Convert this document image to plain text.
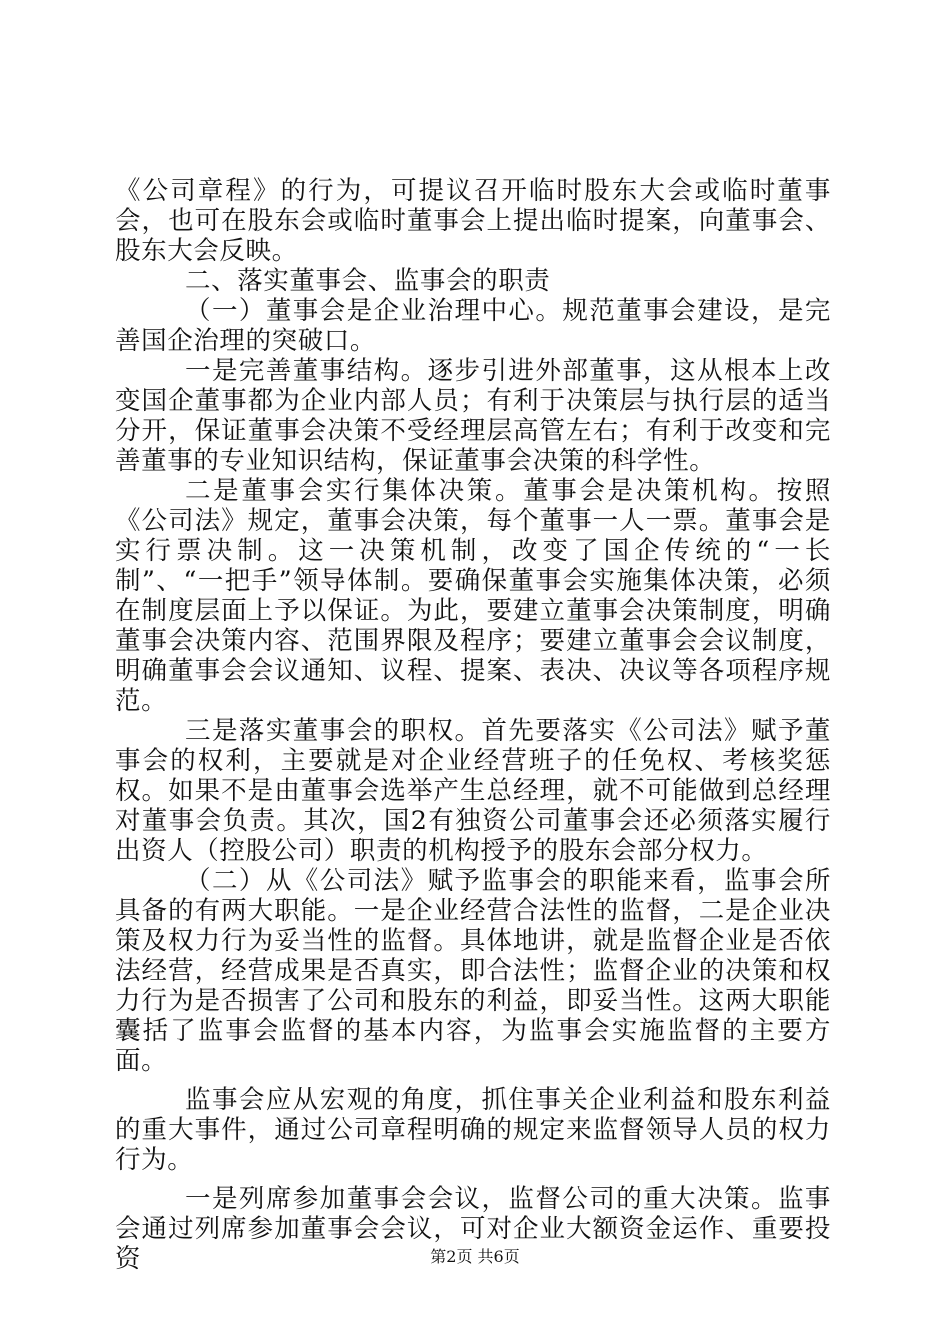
《公司章程》的行为，可提议召开临时股东大会或临时董事会，也可在股东会或临时董事会上提出临时提案，向董事会、股东大会反映。

二、落实董事会、监事会的职责

（一）董事会是企业治理中心。规范董事会建设，是完善国企治理的突破口。

一是完善董事结构。逐步引进外部董事，这从根本上改变国企董事都为企业内部人员；有利于决策层与执行层的适当分开，保证董事会决策不受经理层高管左右；有利于改变和完善董事的专业知识结构，保证董事会决策的科学性。

二是董事会实行集体决策。董事会是决策机构。按照《公司法》规定，董事会决策，每个董事一人一票。董事会是实行票决制。这一决策机制，改变了国企传统的“一长制”、“一把手”领导体制。要确保董事会实施集体决策，必须在制度层面上予以保证。为此，要建立董事会决策制度，明确董事会决策内容、范围界限及程序；要建立董事会会议制度，明确董事会会议通知、议程、提案、表决、决议等各项程序规范。

三是落实董事会的职权。首先要落实《公司法》赋予董事会的权利，主要就是对企业经营班子的任免权、考核奖惩权。如果不是由董事会选举产生总经理，就不可能做到总经理对董事会负责。其次，国2有独资公司董事会还必须落实履行出资人（控股公司）职责的机构授予的股东会部分权力。

（二）从《公司法》赋予监事会的职能来看，监事会所具备的有两大职能。一是企业经营合法性的监督，二是企业决策及权力行为妥当性的监督。具体地讲，就是监督企业是否依法经营，经营成果是否真实，即合法性；监督企业的决策和权力行为是否损害了公司和股东的利益，即妥当性。这两大职能囊括了监事会监督的基本内容，为监事会实施监督的主要方面。

监事会应从宏观的角度，抓住事关企业利益和股东利益的重大事件，通过公司章程明确的规定来监督领导人员的权力行为。

一是列席参加董事会会议，监督公司的重大决策。监事会通过列席参加董事会会议，可对企业大额资金运作、重要投资	第2页 共6页
